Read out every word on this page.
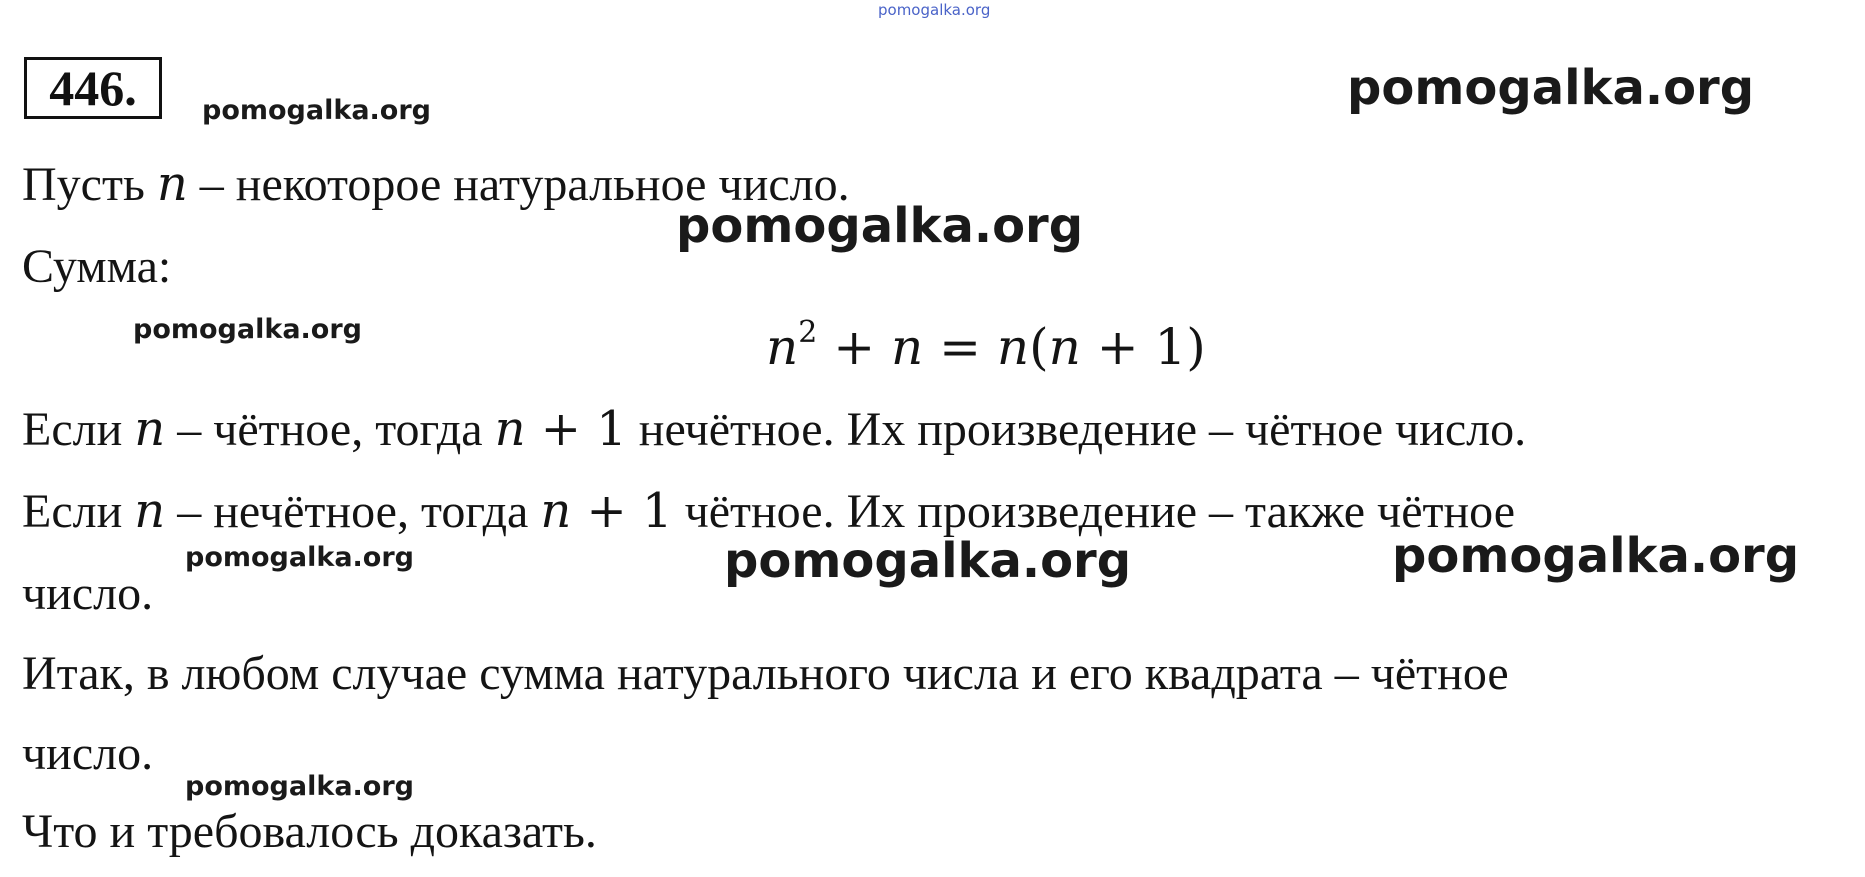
pomogalka.org
446. pomogalka.org	pomogalka.org
Пусть n – некоторое натуральное число.
pomogalka.org
Сумма:
pomogalka.org	$n^2 + n = n(n + 1)$
Если n – чётное, тогда n + 1 нечётное. Их произведение – чётное число.
Если n – нечётное, тогда n + 1 чётное. Их произведение – также чётное
pomogalka.org	pomogalka.org	pomogalka.org
число.
Итак, в любом случае сумма натурального числа и его квадрата – чётное
число.
pomogalka.org
Что и требовалось доказать.
